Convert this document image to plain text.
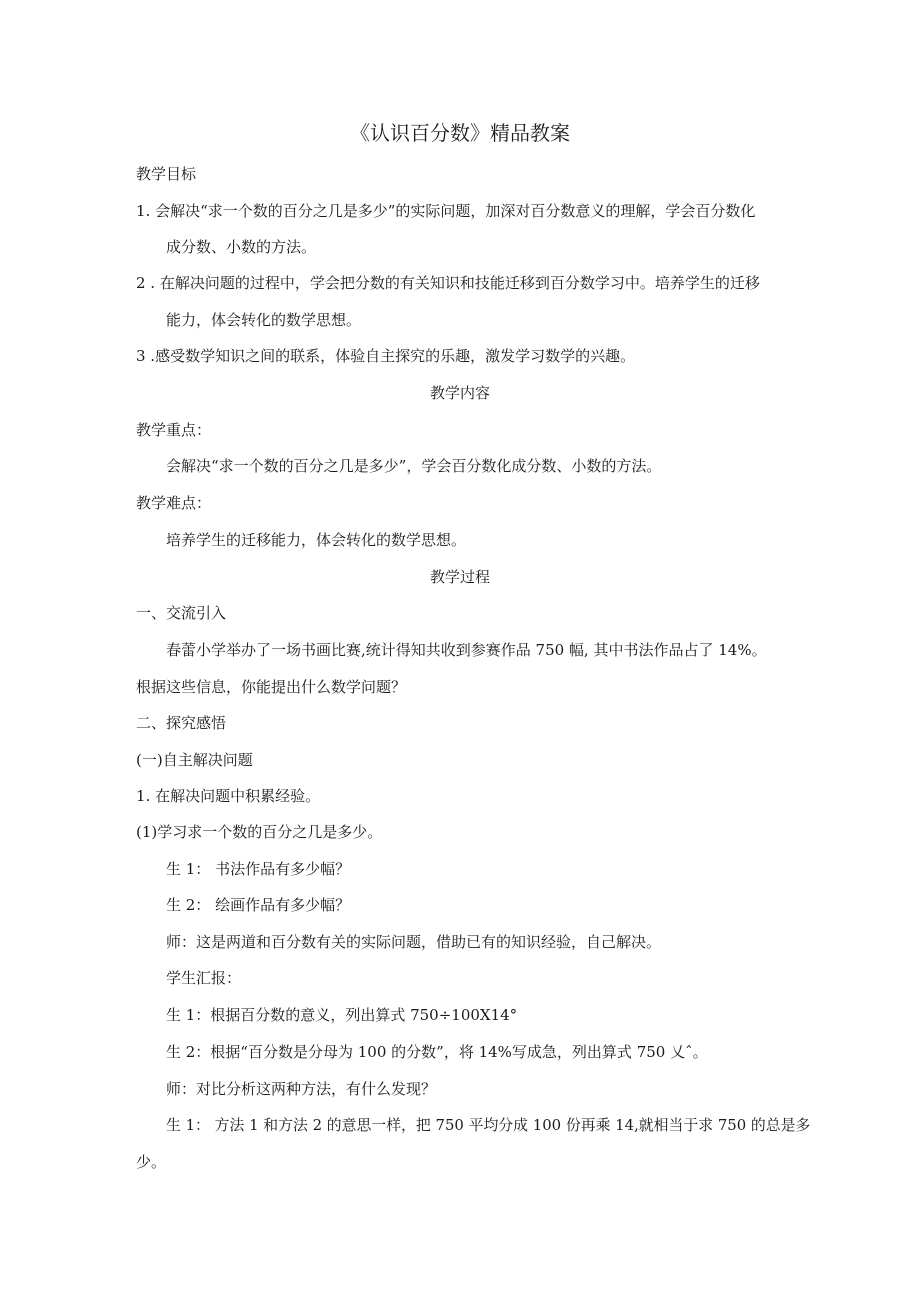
《认识百分数》精品教案
教学目标
1. 会解决“求一个数的百分之几是多少”的实际问题，加深对百分数意义的理解，学会百分数化
成分数、小数的方法。
2 . 在解决问题的过程中，学会把分数的有关知识和技能迁移到百分数学习中。培养学生的迁移
能力，体会转化的数学思想。
3 .感受数学知识之间的联系，体验自主探究的乐趣，激发学习数学的兴趣。
教学内容
教学重点：
会解决“求一个数的百分之几是多少”，学会百分数化成分数、小数的方法。
教学难点：
培养学生的迁移能力，体会转化的数学思想。
教学过程
一、交流引入
春蕾小学举办了一场书画比赛,统计得知共收到参赛作品 750 幅, 其中书法作品占了 14%。
根据这些信息，你能提出什么数学问题？
二、探究感悟
(一)自主解决问题
1. 在解决问题中积累经验。
(1)学习求一个数的百分之几是多少。
生 1： 书法作品有多少幅？
生 2： 绘画作品有多少幅？
师：这是两道和百分数有关的实际问题，借助已有的知识经验，自己解决。
学生汇报：
生 1：根据百分数的意义，列出算式 750÷100X14°
生 2：根据“百分数是分母为 100 的分数”，将 14%写成急，列出算式 750 乂ˆ。
师：对比分析这两种方法，有什么发现？
生 1： 方法 1 和方法 2 的意思一样，把 750 平均分成 100 份再乘 14,就相当于求 750 的总是多
少。
